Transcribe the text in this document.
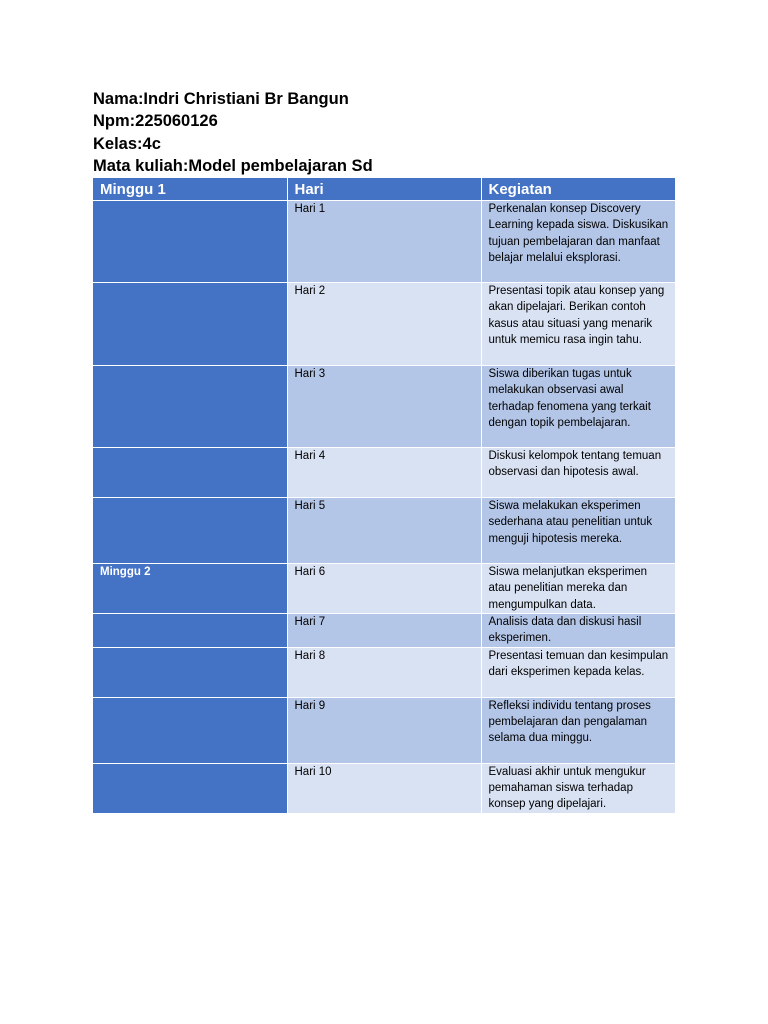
Nama:Indri Christiani Br Bangun
Npm:225060126
Kelas:4c
Mata kuliah:Model pembelajaran Sd
Minggu 1	Hari	Kegiatan
	Hari 1	Perkenalan konsep Discovery Learning kepada siswa. Diskusikan tujuan pembelajaran dan manfaat belajar melalui eksplorasi.
	Hari 2	Presentasi topik atau konsep yang akan dipelajari. Berikan contoh kasus atau situasi yang menarik untuk memicu rasa ingin tahu.
	Hari 3	Siswa diberikan tugas untuk melakukan observasi awal terhadap fenomena yang terkait dengan topik pembelajaran.
	Hari 4	Diskusi kelompok tentang temuan observasi dan hipotesis awal.
	Hari 5	Siswa melakukan eksperimen sederhana atau penelitian untuk menguji hipotesis mereka.
Minggu 2	Hari 6	Siswa melanjutkan eksperimen atau penelitian mereka dan mengumpulkan data.
	Hari 7	Analisis data dan diskusi hasil eksperimen.
	Hari 8	Presentasi temuan dan kesimpulan dari eksperimen kepada kelas.
	Hari 9	Refleksi individu tentang proses pembelajaran dan pengalaman selama dua minggu.
	Hari 10	Evaluasi akhir untuk mengukur pemahaman siswa terhadap konsep yang dipelajari.
